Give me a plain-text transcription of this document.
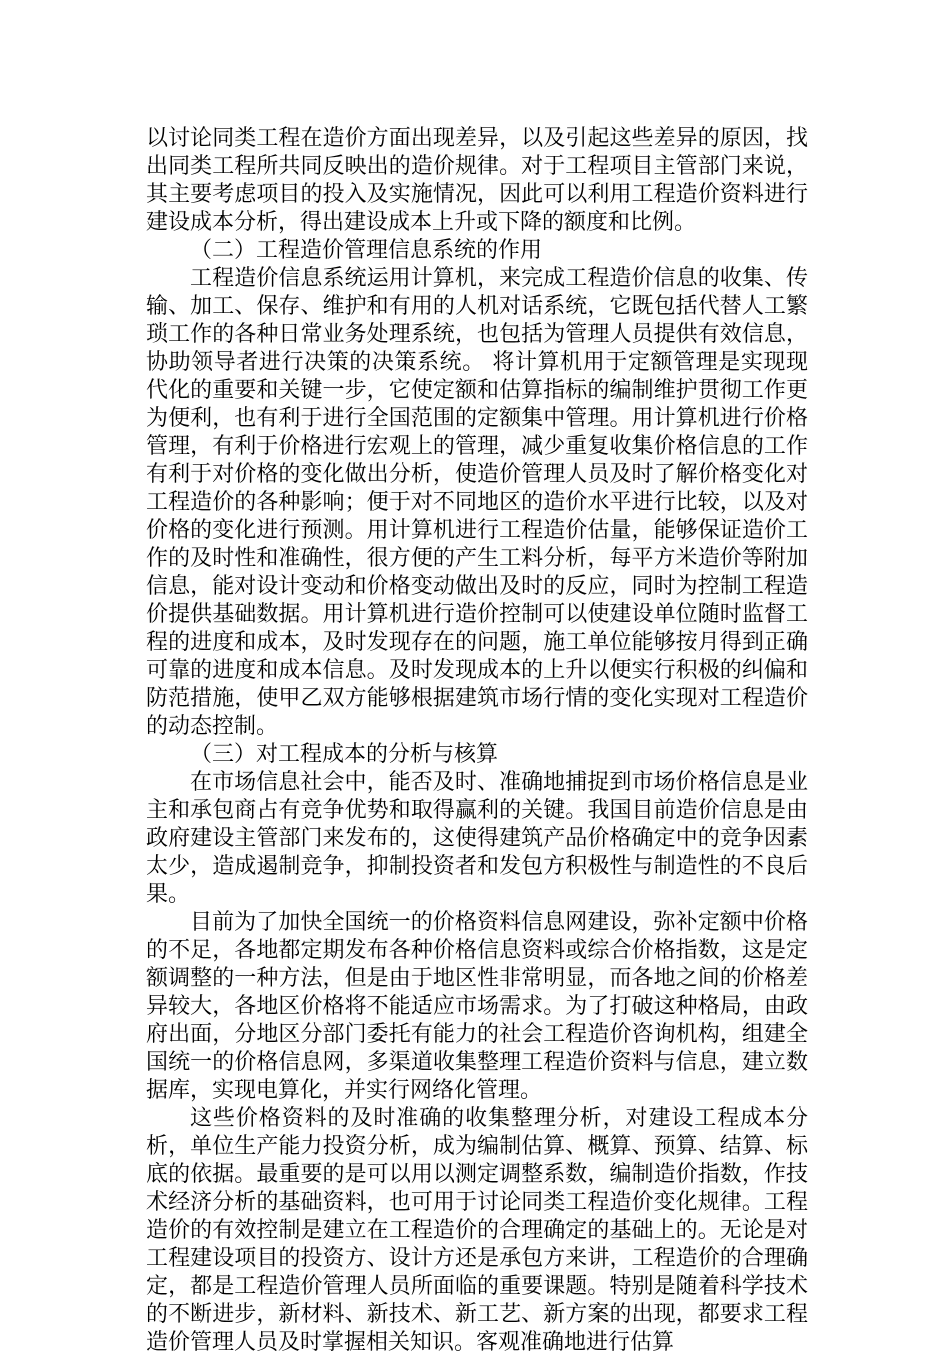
以讨论同类工程在造价方面出现差异，以及引起这些差异的原因，找出同类工程所共同反映出的造价规律。对于工程项目主管部门来说，其主要考虑项目的投入及实施情况，因此可以利用工程造价资料进行建设成本分析，得出建设成本上升或下降的额度和比例。

（二）工程造价管理信息系统的作用

工程造价信息系统运用计算机，来完成工程造价信息的收集、传输、加工、保存、维护和有用的人机对话系统，它既包括代替人工繁琐工作的各种日常业务处理系统，也包括为管理人员提供有效信息，协助领导者进行决策的决策系统。 将计算机用于定额管理是实现现代化的重要和关键一步，它使定额和估算指标的编制维护贯彻工作更为便利，也有利于进行全国范围的定额集中管理。用计算机进行价格管理，有利于价格进行宏观上的管理，减少重复收集价格信息的工作有利于对价格的变化做出分析，使造价管理人员及时了解价格变化对工程造价的各种影响；便于对不同地区的造价水平进行比较，以及对价格的变化进行预测。用计算机进行工程造价估量，能够保证造价工作的及时性和准确性，很方便的产生工料分析，每平方米造价等附加信息，能对设计变动和价格变动做出及时的反应，同时为控制工程造价提供基础数据。用计算机进行造价控制可以使建设单位随时监督工程的进度和成本，及时发现存在的问题，施工单位能够按月得到正确可靠的进度和成本信息。及时发现成本的上升以便实行积极的纠偏和防范措施，使甲乙双方能够根据建筑市场行情的变化实现对工程造价的动态控制。

（三）对工程成本的分析与核算

在市场信息社会中，能否及时、准确地捕捉到市场价格信息是业主和承包商占有竞争优势和取得赢利的关键。我国目前造价信息是由政府建设主管部门来发布的，这使得建筑产品价格确定中的竞争因素太少，造成遏制竞争，抑制投资者和发包方积极性与制造性的不良后果。

目前为了加快全国统一的价格资料信息网建设，弥补定额中价格的不足，各地都定期发布各种价格信息资料或综合价格指数，这是定额调整的一种方法，但是由于地区性非常明显，而各地之间的价格差异较大，各地区价格将不能适应市场需求。为了打破这种格局，由政府出面，分地区分部门委托有能力的社会工程造价咨询机构，组建全国统一的价格信息网，多渠道收集整理工程造价资料与信息，建立数据库，实现电算化，并实行网络化管理。

这些价格资料的及时准确的收集整理分析，对建设工程成本分析，单位生产能力投资分析，成为编制估算、概算、预算、结算、标底的依据。最重要的是可以用以测定调整系数，编制造价指数，作技术经济分析的基础资料，也可用于讨论同类工程造价变化规律。工程造价的有效控制是建立在工程造价的合理确定的基础上的。无论是对工程建设项目的投资方、设计方还是承包方来讲，工程造价的合理确定，都是工程造价管理人员所面临的重要课题。特别是随着科学技术的不断进步，新材料、新技术、新工艺、新方案的出现，都要求工程造价管理人员及时掌握相关知识。客观准确地进行估算
